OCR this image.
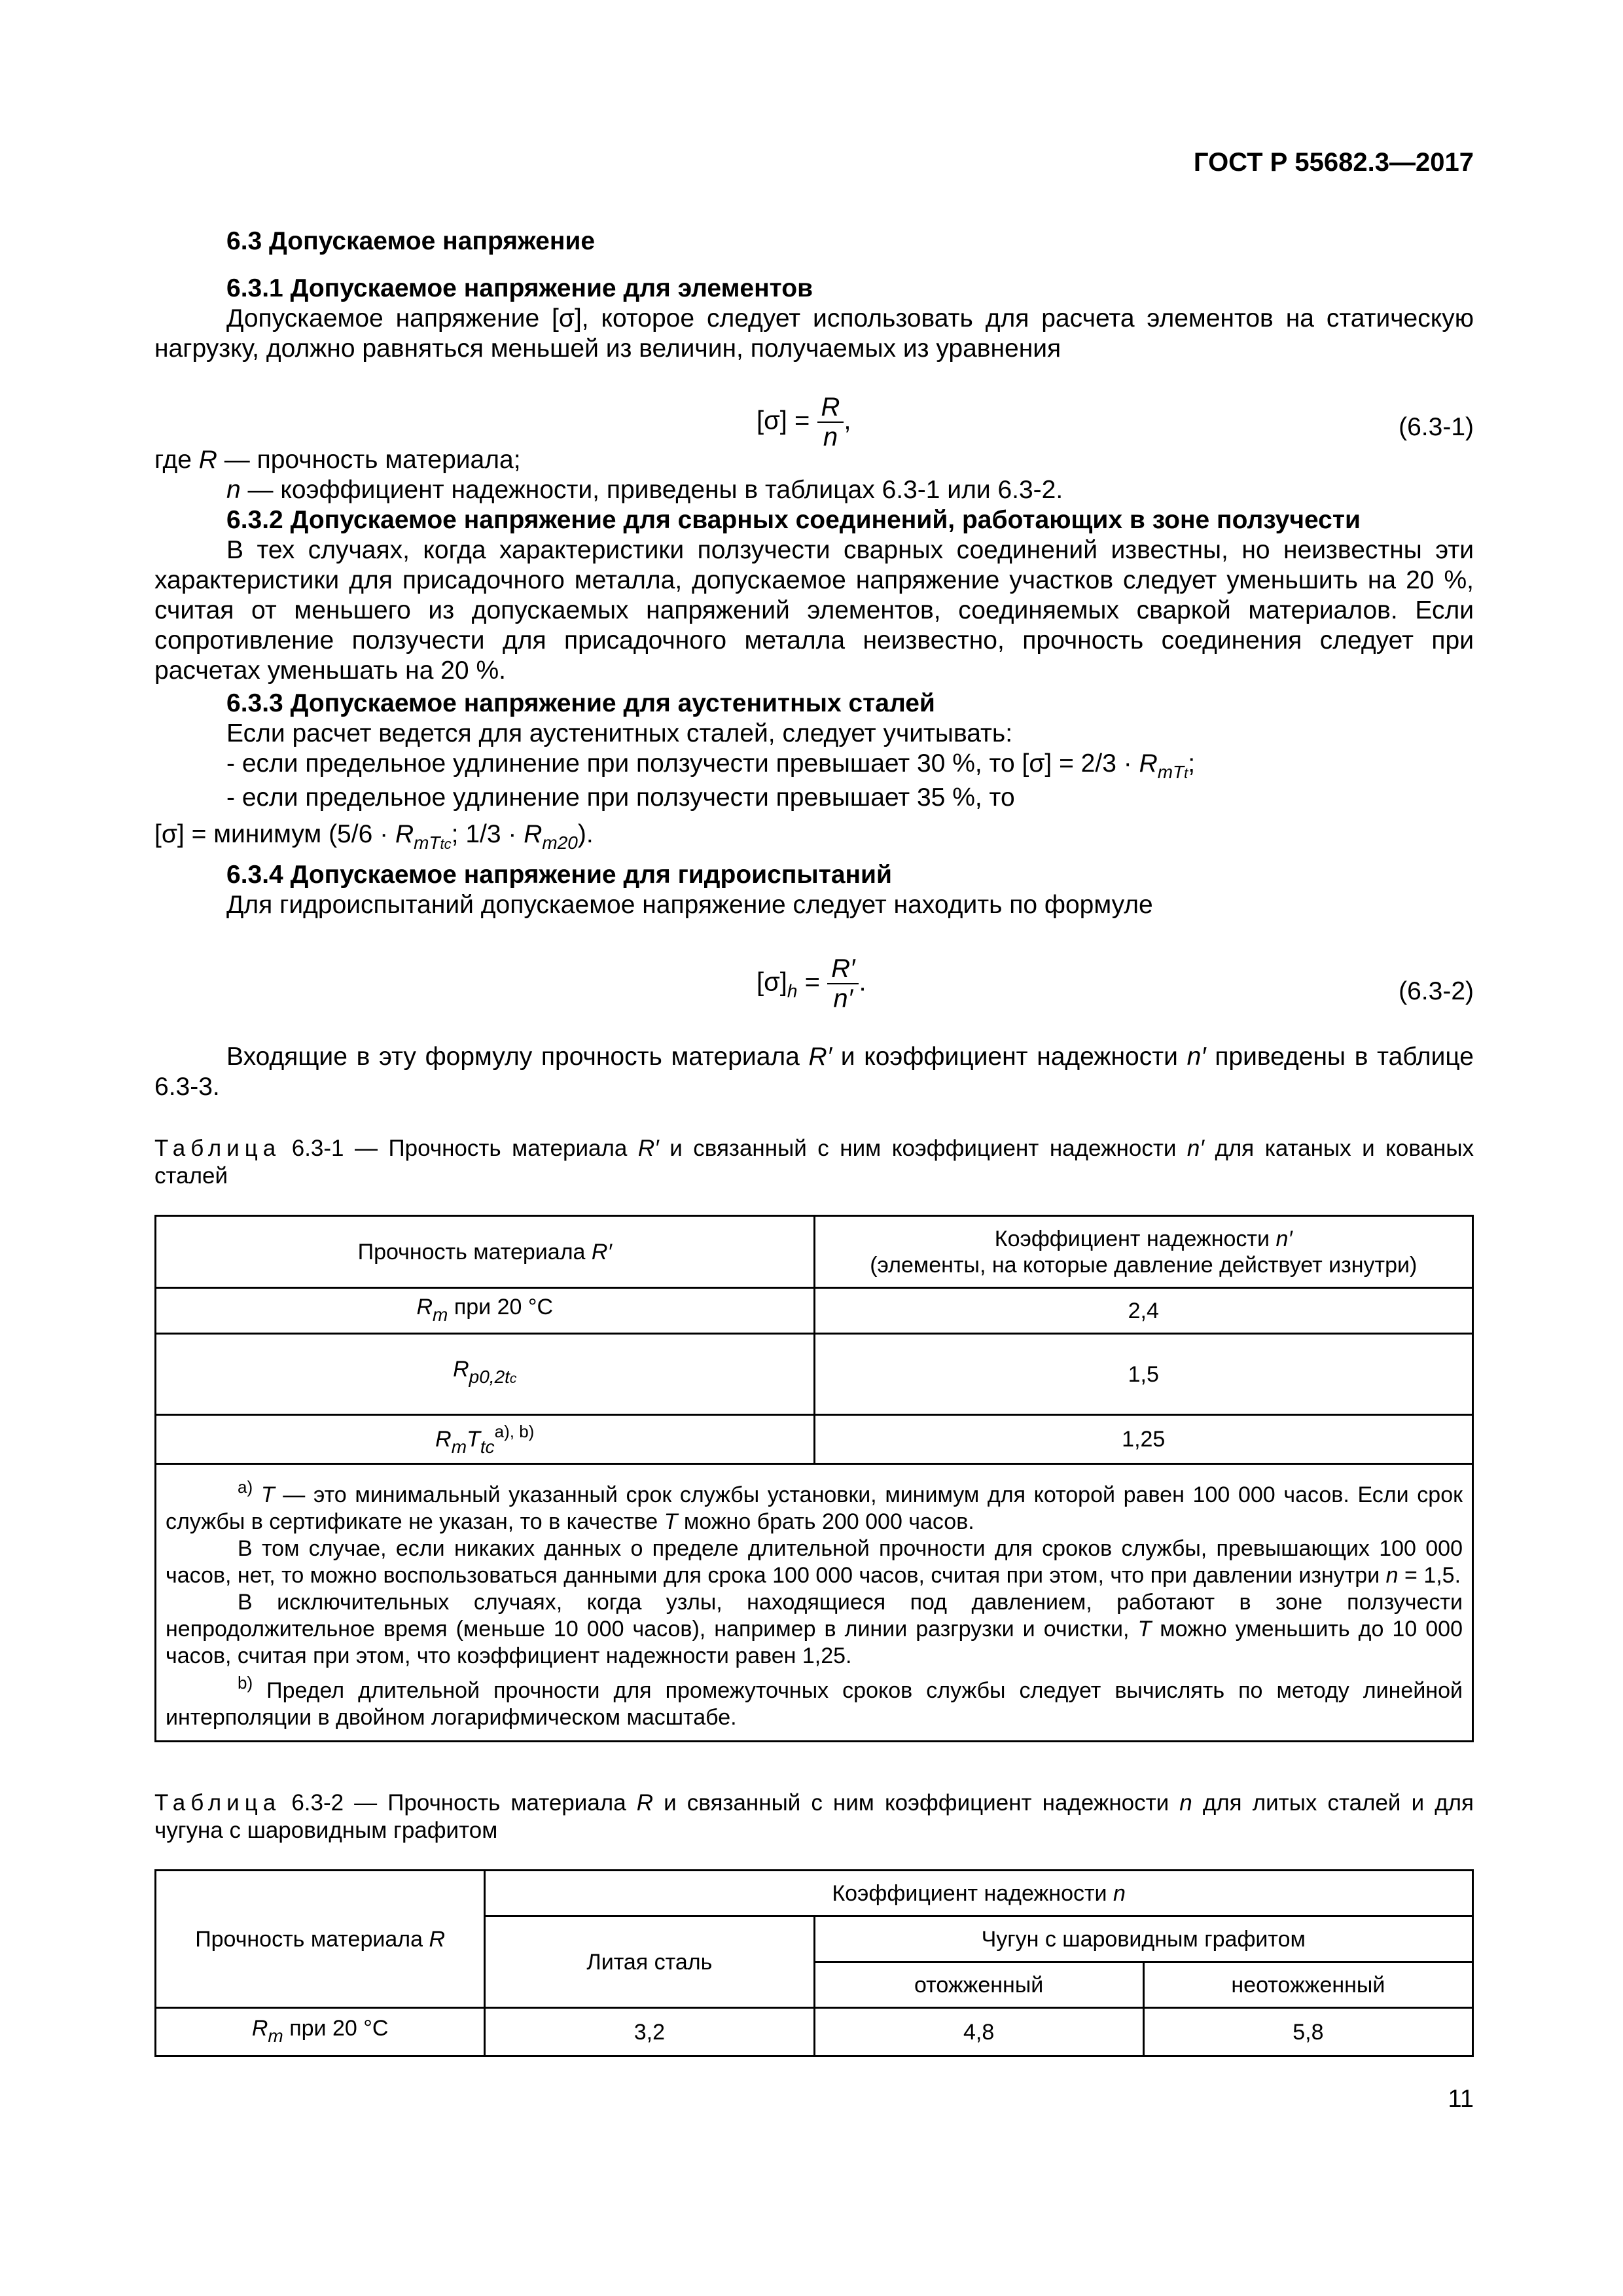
ГОСТ Р 55682.3—2017
6.3 Допускаемое напряжение
6.3.1 Допускаемое напряжение для элементов
Допускаемое напряжение [σ], которое следует использовать для расчета элементов на статическую нагрузку, должно равняться меньшей из величин, получаемых из уравнения
$[\sigma] = \frac{R}{n}$ ,	(6.3-1)
где R — прочность материала;
n — коэффициент надежности, приведены в таблицах 6.3-1 или 6.3-2.
6.3.2 Допускаемое напряжение для сварных соединений, работающих в зоне ползучести
В тех случаях, когда характеристики ползучести сварных соединений известны, но неизвестны эти характеристики для присадочного металла, допускаемое напряжение участков следует уменьшить на 20 %, считая от меньшего из допускаемых напряжений элементов, соединяемых сваркой материалов. Если сопротивление ползучести для присадочного металла неизвестно, прочность соединения следует при расчетах уменьшать на 20 %.
6.3.3 Допускаемое напряжение для аустенитных сталей
Если расчет ведется для аустенитных сталей, следует учитывать:
- если предельное удлинение при ползучести превышает 30 %, то $[\sigma] = 2/3 \cdot R_{mTt}$;
- если предельное удлинение при ползучести превышает 35 %, то
[σ] = минимум ($5/6 \cdot R_{mTtc}$; $1/3 \cdot R_{m20}$).
6.3.4 Допускаемое напряжение для гидроиспытаний
Для гидроиспытаний допускаемое напряжение следует находить по формуле
$[\sigma]_h = \frac{R'}{n'}$ .	(6.3-2)
Входящие в эту формулу прочность материала R′ и коэффициент надежности n′ приведены в таблице 6.3-3.
Таблица 6.3-1 — Прочность материала R′ и связанный с ним коэффициент надежности n′ для катаных и кованых сталей
Прочность материала R′	Коэффициент надежности n′
(элементы, на которые давление действует изнутри)
$R_m$ при 20 °С	2,4
$R_{p0,2tc}$	1,5
$R_mT_{tc}^{a), b)}$	1,25

$^{a)}$ T — это минимальный указанный срок службы установки, минимум для которой равен 100 000 часов. Если срок службы в сертификате не указан, то в качестве T можно брать 200 000 часов.

В том случае, если никаких данных о пределе длительной прочности для сроков службы, превышающих 100 000 часов, нет, то можно воспользоваться данными для срока 100 000 часов, считая при этом, что при давлении изнутри n = 1,5.

В исключительных случаях, когда узлы, находящиеся под давлением, работают в зоне ползучести непродолжительное время (меньше 10 000 часов), например в линии разгрузки и очистки, T можно уменьшить до 10 000 часов, считая при этом, что коэффициент надежности равен 1,25.

$^{b)}$ Предел длительной прочности для промежуточных сроков службы следует вычислять по методу линейной интерполяции в двойном логарифмическом масштабе.	

Таблица 6.3-2 — Прочность материала R и связанный с ним коэффициент надежности n для литых сталей и для чугуна с шаровидным графитом
Прочность материала R	Коэффициент надежности n		
	Литая сталь	Чугун с шаровидным графитом	
		отожженный	неотожженный
$R_m$ при 20 °С	3,2	4,8	5,8
11
